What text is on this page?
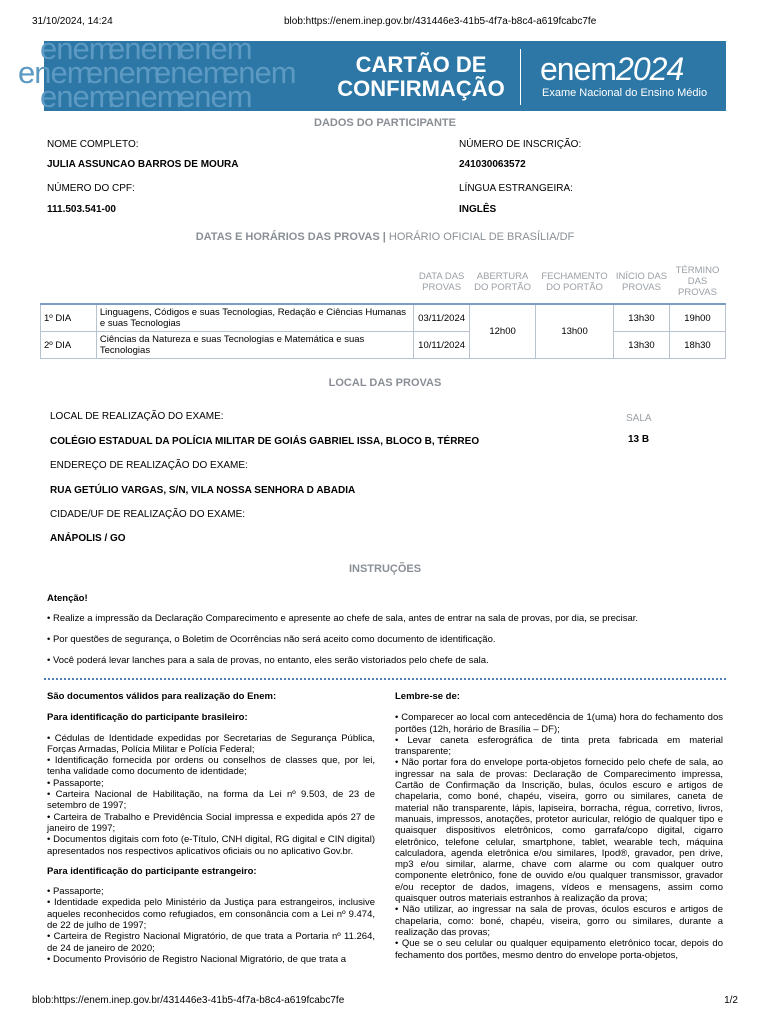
31/10/2024, 14:24	blob:https://enem.inep.gov.br/431446e3-41b5-4f7a-b8c4-a619fcabc7fe
enem
enem
enem
enem
enem
enem
enem
enem
enem
enem
CARTÃO DE
CONFIRMAÇÃO
enem2024
Exame Nacional do Ensino Médio
DADOS DO PARTICIPANTE
NOME COMPLETO:
JULIA ASSUNCAO BARROS DE MOURA
NÚMERO DE INSCRIÇÃO:
241030063572
NÚMERO DO CPF:
111.503.541-00
LÍNGUA ESTRANGEIRA:
INGLÊS
DATAS E HORÁRIOS DAS PROVAS | HORÁRIO OFICIAL DE BRASÍLIA/DF
		DATA DAS PROVAS	ABERTURA DO PORTÃO	FECHAMENTO DO PORTÃO	INÍCIO DAS PROVAS	TÉRMINO DAS PROVAS
1º DIA	Linguagens, Códigos e suas Tecnologias, Redação e Ciências Humanas e suas Tecnologias	03/11/2024	12h00	13h00	13h30	19h00
2º DIA	Ciências da Natureza e suas Tecnologias e Matemática e suas Tecnologias	10/11/2024			13h30	18h30
LOCAL DAS PROVAS
LOCAL DE REALIZAÇÃO DO EXAME:
COLÉGIO ESTADUAL DA POLÍCIA MILITAR DE GOIÁS GABRIEL ISSA, BLOCO B, TÉRREO
SALA
13 B
ENDEREÇO DE REALIZAÇÃO DO EXAME:
RUA GETÚLIO VARGAS, S/N, VILA NOSSA SENHORA D ABADIA
CIDADE/UF DE REALIZAÇÃO DO EXAME:
ANÁPOLIS / GO
INSTRUÇÕES
Atenção!
• Realize a impressão da Declaração Comparecimento e apresente ao chefe de sala, antes de entrar na sala de provas, por dia, se precisar.
• Por questões de segurança, o Boletim de Ocorrências não será aceito como documento de identificação.
• Você poderá levar lanches para a sala de provas, no entanto, eles serão vistoriados pelo chefe de sala.

São documentos válidos para realização do Enem:

Para identificação do participante brasileiro:

• Cédulas de Identidade expedidas por Secretarias de Segurança Pública, Forças Armadas, Polícia Militar e Polícia Federal;

• Identificação fornecida por ordens ou conselhos de classes que, por lei, tenha validade como documento de identidade;

• Passaporte;

• Carteira Nacional de Habilitação, na forma da Lei nº 9.503, de 23 de setembro de 1997;

• Carteira de Trabalho e Previdência Social impressa e expedida após 27 de janeiro de 1997;

• Documentos digitais com foto (e-Título, CNH digital, RG digital e CIN digital) apresentados nos respectivos aplicativos oficiais ou no aplicativo Gov.br.

Para identificação do participante estrangeiro:

• Passaporte;

• Identidade expedida pelo Ministério da Justiça para estrangeiros, inclusive aqueles reconhecidos como refugiados, em consonância com a Lei nº 9.474, de 22 de julho de 1997;

• Carteira de Registro Nacional Migratório, de que trata a Portaria nº 11.264, de 24 de janeiro de 2020;

• Documento Provisório de Registro Nacional Migratório, de que trata a

Lembre-se de:

• Comparecer ao local com antecedência de 1(uma) hora do fechamento dos portões (12h, horário de Brasília – DF);

• Levar caneta esferográfica de tinta preta fabricada em material transparente;

• Não portar fora do envelope porta-objetos fornecido pelo chefe de sala, ao ingressar na sala de provas: Declaração de Comparecimento impressa, Cartão de Confirmação da Inscrição, bulas, óculos escuro e artigos de chapelaria, como boné, chapéu, viseira, gorro ou similares, caneta de material não transparente, lápis, lapiseira, borracha, régua, corretivo, livros, manuais, impressos, anotações, protetor auricular, relógio de qualquer tipo e quaisquer dispositivos eletrônicos, como garrafa/copo digital, cigarro eletrônico, telefone celular, smartphone, tablet, wearable tech, máquina calculadora, agenda eletrônica e/ou similares, Ipod®, gravador, pen drive, mp3 e/ou similar, alarme, chave com alarme ou com qualquer outro componente eletrônico, fone de ouvido e/ou qualquer transmissor, gravador e/ou receptor de dados, imagens, vídeos e mensagens, assim como quaisquer outros materiais estranhos à realização da prova;

• Não utilizar, ao ingressar na sala de provas, óculos escuros e artigos de chapelaria, como: boné, chapéu, viseira, gorro ou similares, durante a realização das provas;

• Que se o seu celular ou qualquer equipamento eletrônico tocar, depois do fechamento dos portões, mesmo dentro do envelope porta-objetos,

blob:https://enem.inep.gov.br/431446e3-41b5-4f7a-b8c4-a619fcabc7fe	1/2
